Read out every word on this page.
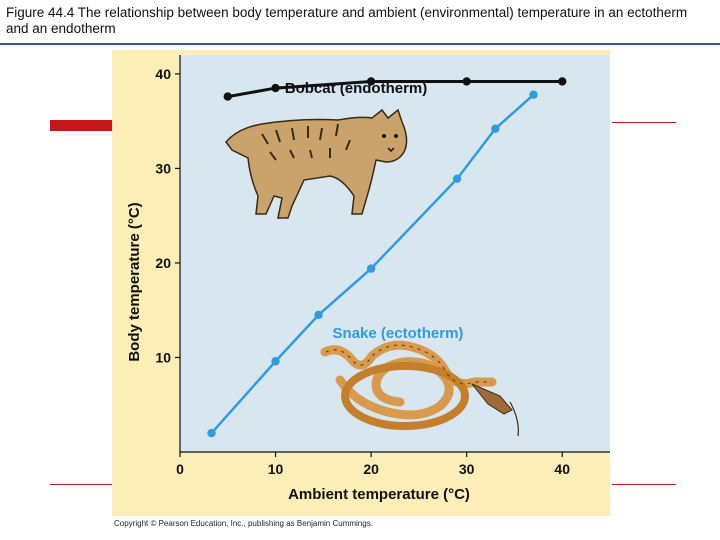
Figure 44.4 The relationship between body temperature and ambient (environmental) temperature in an ectotherm and an endotherm
0	10	20	30	40
10
20
30
40
Bobcat (endotherm)
Snake (ectotherm)
Body temperature (°C)
Ambient temperature (°C)
Copyright © Pearson Education, Inc., publishing as Benjamin Cummings.
